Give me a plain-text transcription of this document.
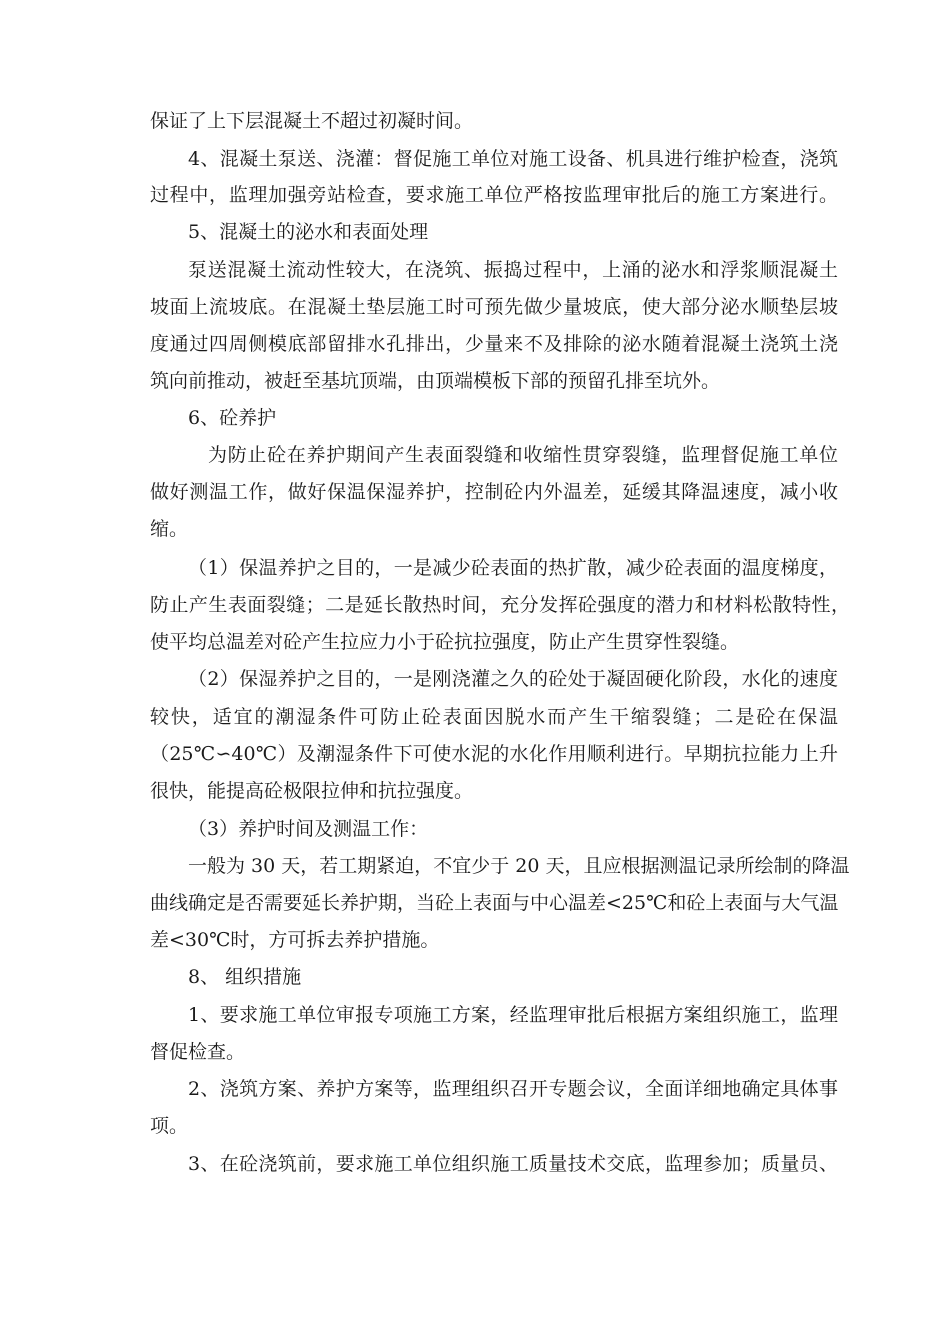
保证了上下层混凝土不超过初凝时间。
4、混凝土泵送、浇灌：督促施工单位对施工设备、机具进行维护检查，浇筑
过程中，监理加强旁站检查，要求施工单位严格按监理审批后的施工方案进行。
5、混凝土的泌水和表面处理
泵送混凝土流动性较大，在浇筑、振捣过程中，上涌的泌水和浮浆顺混凝土
坡面上流坡底。在混凝土垫层施工时可预先做少量坡底，使大部分泌水顺垫层坡
度通过四周侧模底部留排水孔排出，少量来不及排除的泌水随着混凝土浇筑土浇
筑向前推动，被赶至基坑顶端，由顶端模板下部的预留孔排至坑外。
6、砼养护
为防止砼在养护期间产生表面裂缝和收缩性贯穿裂缝，监理督促施工单位
做好测温工作，做好保温保湿养护，控制砼内外温差，延缓其降温速度，减小收
缩。
（1）保温养护之目的，一是减少砼表面的热扩散，减少砼表面的温度梯度，
防止产生表面裂缝；二是延长散热时间，充分发挥砼强度的潜力和材料松散特性，
使平均总温差对砼产生拉应力小于砼抗拉强度，防止产生贯穿性裂缝。
（2）保湿养护之目的，一是刚浇灌之久的砼处于凝固硬化阶段，水化的速度
较快，适宜的潮湿条件可防止砼表面因脱水而产生干缩裂缝；二是砼在保温
（25℃∽40℃）及潮湿条件下可使水泥的水化作用顺利进行。早期抗拉能力上升
很快，能提高砼极限拉伸和抗拉强度。
（3）养护时间及测温工作：
一般为 30 天，若工期紧迫，不宜少于 20 天，且应根据测温记录所绘制的降温
曲线确定是否需要延长养护期，当砼上表面与中心温差<25℃和砼上表面与大气温
差<30℃时，方可拆去养护措施。
8、 组织措施
1、要求施工单位审报专项施工方案，经监理审批后根据方案组织施工，监理
督促检查。
2、浇筑方案、养护方案等，监理组织召开专题会议，全面详细地确定具体事
项。
3、在砼浇筑前，要求施工单位组织施工质量技术交底，监理参加；质量员、
